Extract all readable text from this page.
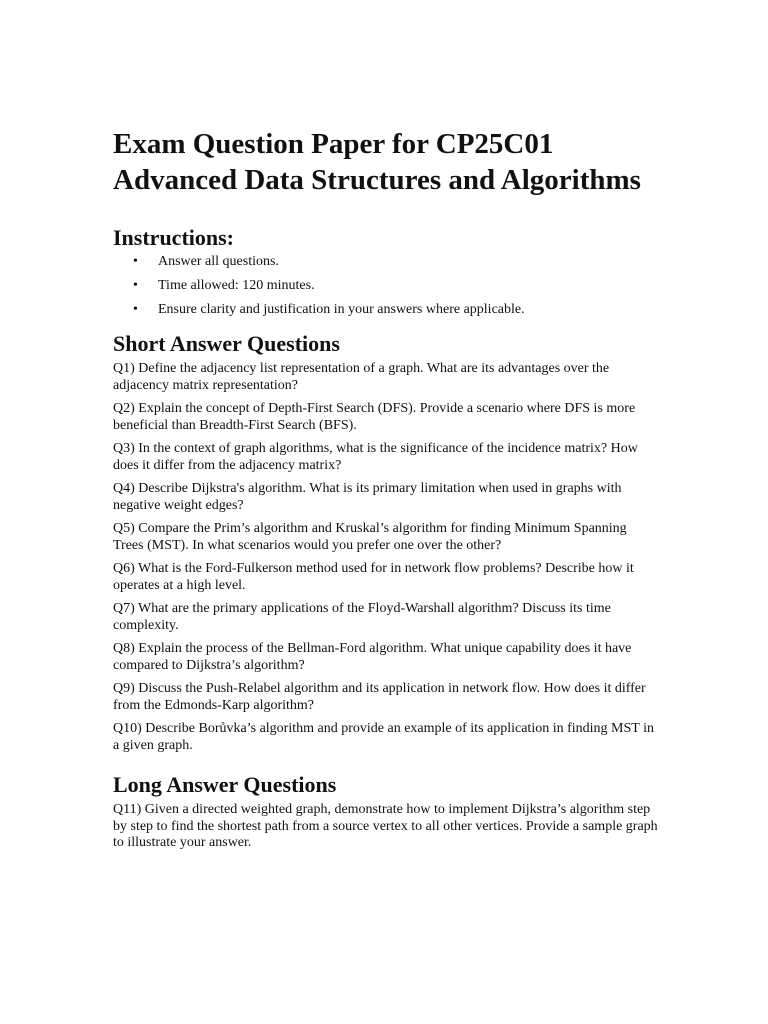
Exam Question Paper for CP25C01 Advanced Data Structures and Algorithms
Instructions:
• Answer all questions.
• Time allowed: 120 minutes.
• Ensure clarity and justification in your answers where applicable.
Short Answer Questions

Q1) Define the adjacency list representation of a graph. What are its advantages over the adjacency matrix representation?

Q2) Explain the concept of Depth-First Search (DFS). Provide a scenario where DFS is more beneficial than Breadth-First Search (BFS).

Q3) In the context of graph algorithms, what is the significance of the incidence matrix? How does it differ from the adjacency matrix?

Q4) Describe Dijkstra's algorithm. What is its primary limitation when used in graphs with negative weight edges?

Q5) Compare the Prim’s algorithm and Kruskal’s algorithm for finding Minimum Spanning Trees (MST). In what scenarios would you prefer one over the other?

Q6) What is the Ford-Fulkerson method used for in network flow problems? Describe how it operates at a high level.

Q7) What are the primary applications of the Floyd-Warshall algorithm? Discuss its time complexity.

Q8) Explain the process of the Bellman-Ford algorithm. What unique capability does it have compared to Dijkstra’s algorithm?

Q9) Discuss the Push-Relabel algorithm and its application in network flow. How does it differ from the Edmonds-Karp algorithm?

Q10) Describe Borůvka’s algorithm and provide an example of its application in finding MST in a given graph.

Long Answer Questions

Q11) Given a directed weighted graph, demonstrate how to implement Dijkstra’s algorithm step by step to find the shortest path from a source vertex to all other vertices. Provide a sample graph to illustrate your answer.
